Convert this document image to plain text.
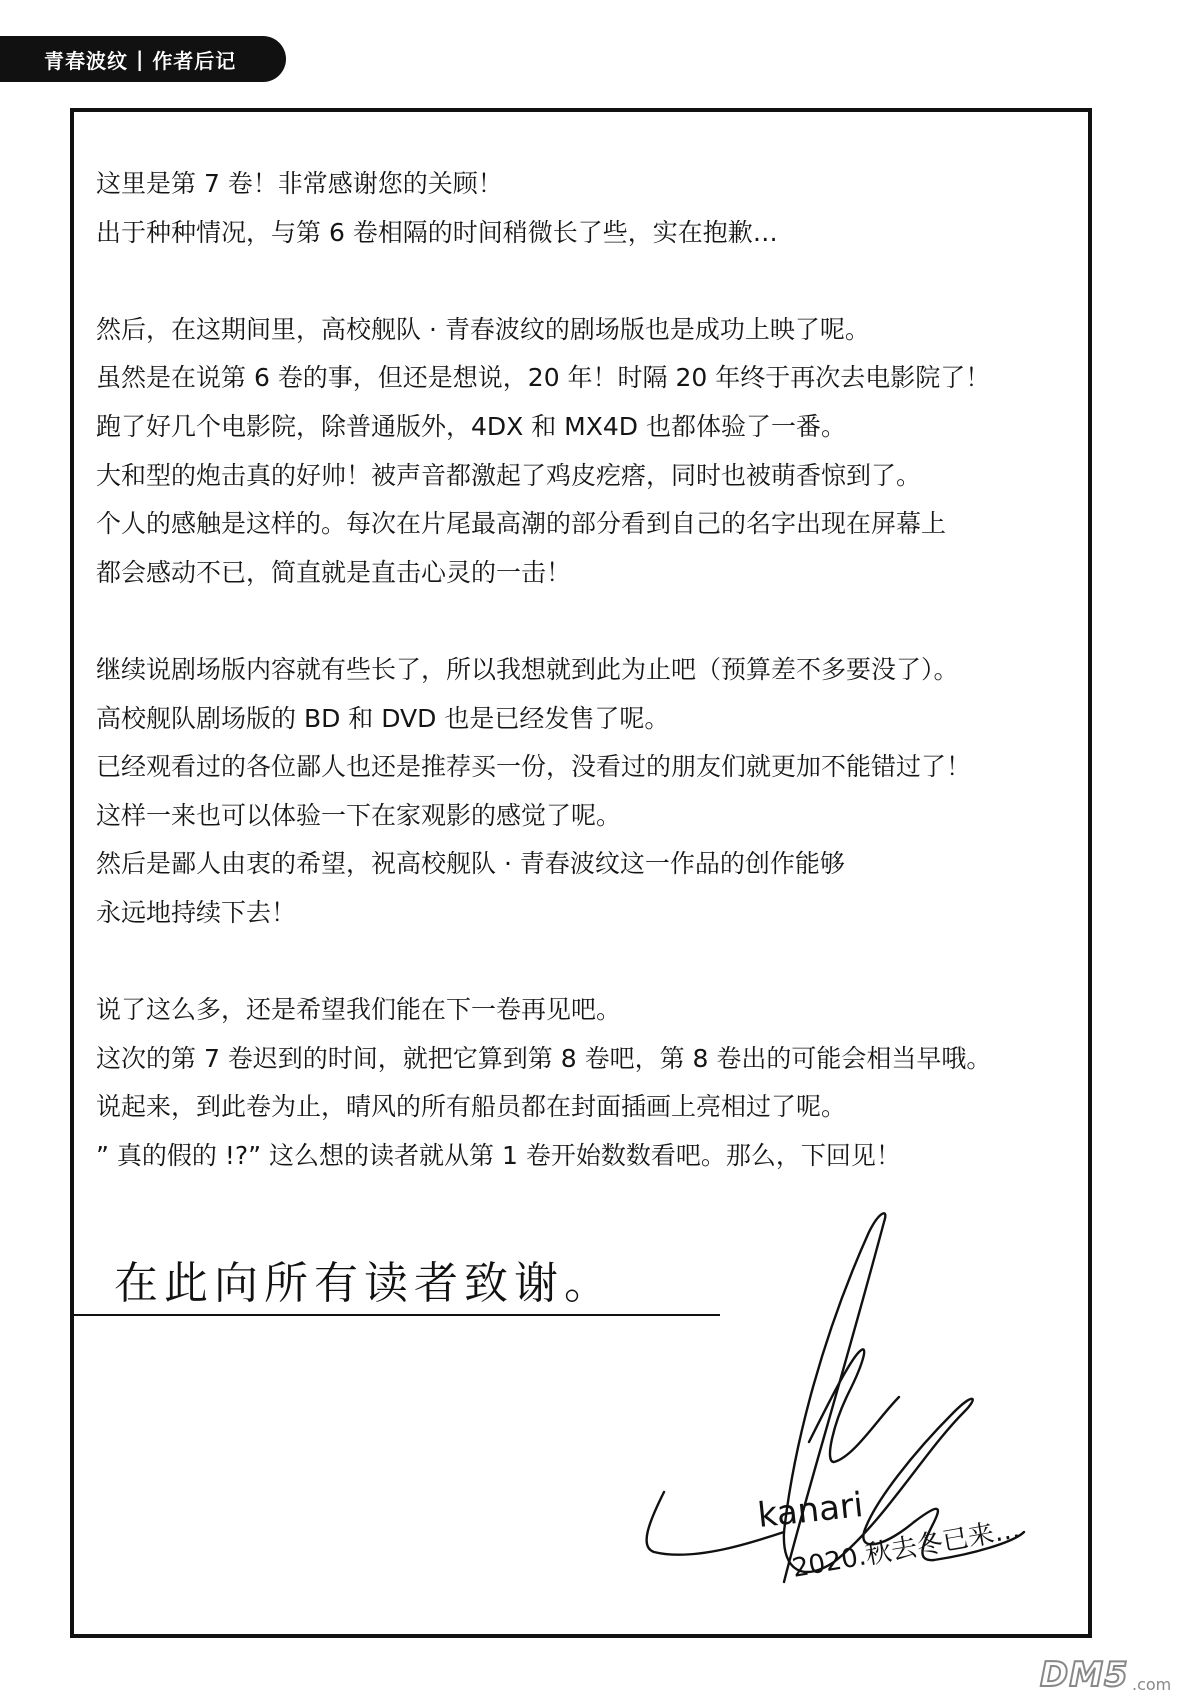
青春波纹 | 作者后记

这里是第 7 卷！非常感谢您的关顾！

出于种种情况，与第 6 卷相隔的时间稍微长了些，实在抱歉…

然后，在这期间里，高校舰队 · 青春波纹的剧场版也是成功上映了呢。

虽然是在说第 6 卷的事，但还是想说，20 年！时隔 20 年终于再次去电影院了！

跑了好几个电影院，除普通版外，4DX 和 MX4D 也都体验了一番。

大和型的炮击真的好帅！被声音都激起了鸡皮疙瘩，同时也被萌香惊到了。

个人的感触是这样的。每次在片尾最高潮的部分看到自己的名字出现在屏幕上

都会感动不已，简直就是直击心灵的一击！

继续说剧场版内容就有些长了，所以我想就到此为止吧（预算差不多要没了）。

高校舰队剧场版的 BD 和 DVD 也是已经发售了呢。

已经观看过的各位鄙人也还是推荐买一份，没看过的朋友们就更加不能错过了！

这样一来也可以体验一下在家观影的感觉了呢。

然后是鄙人由衷的希望，祝高校舰队 · 青春波纹这一作品的创作能够

永远地持续下去！

说了这么多，还是希望我们能在下一卷再见吧。

这次的第 7 卷迟到的时间，就把它算到第 8 卷吧，第 8 卷出的可能会相当早哦。

说起来，到此卷为止，晴风的所有船员都在封面插画上亮相过了呢。

” 真的假的 !?” 这么想的读者就从第 1 卷开始数数看吧。那么，下回见！

在此向所有读者致谢。
kanari
2020.秋去冬已来…
DM5 .com
